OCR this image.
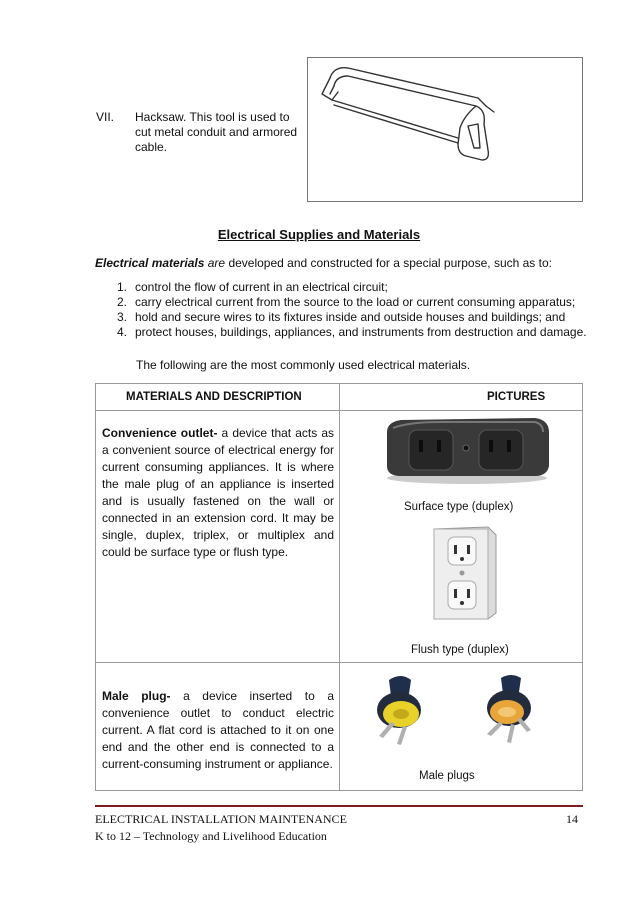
VII. Hacksaw. This tool is used to cut metal conduit and armored cable.
Electrical Supplies and Materials
Electrical materials are developed and constructed for a special purpose, such as to:
1. control the flow of current in an electrical circuit;
2. carry electrical current from the source to the load or current consuming apparatus;
3. hold and secure wires to its fixtures inside and outside houses and buildings; and
4. protect houses, buildings, appliances, and instruments from destruction and damage.
The following are the most commonly used electrical materials.
MATERIALS AND DESCRIPTION	PICTURES
Convenience outlet- a device that acts as a convenient source of electrical energy for current consuming appliances. It is where the male plug of an appliance is inserted and is usually fastened on the wall or connected in an extension cord. It may be single, duplex, triplex, or multiplex and could be surface type or flush type.
Surface type (duplex)
Flush type (duplex)
Male plug- a device inserted to a convenience outlet to conduct electric current. A flat cord is attached to it on one end and the other end is connected to a current-consuming instrument or appliance.
Male plugs
ELECTRICAL INSTALLATION MAINTENANCE
K to 12 – Technology and Livelihood Education
14
